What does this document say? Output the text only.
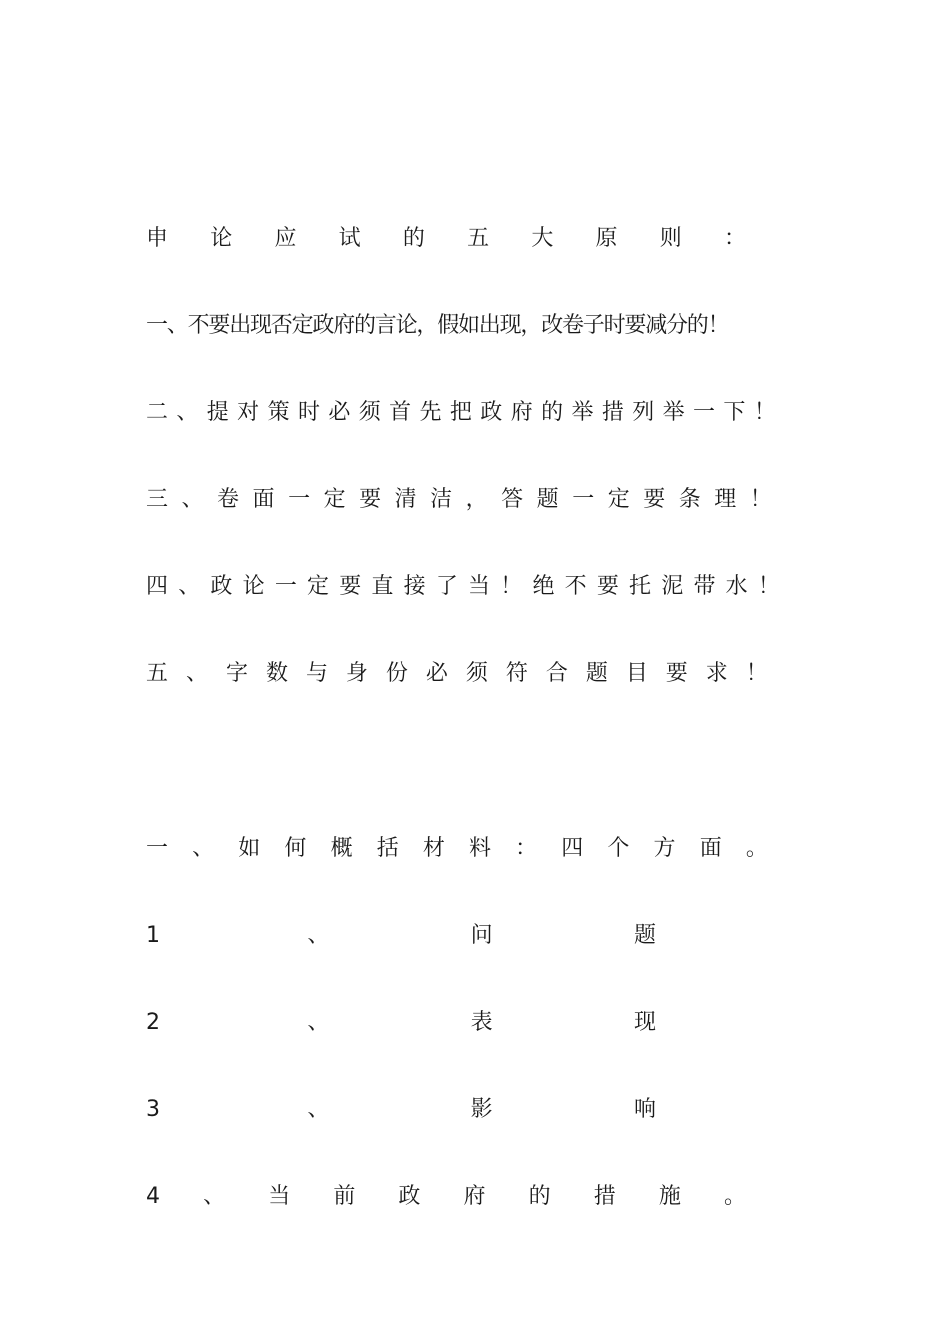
申 论 应 试 的 五 大 原 则 ：
一、不要出现否定政府的言论，假如出现，改卷子时要减分的！
二 、 提 对 策 时 必 须 首 先 把 政 府 的 举 措 列 举 一 下 ！
三 、 卷 面 一 定 要 清 洁 ， 答 题 一 定 要 条 理 ！
四 、 政 论 一 定 要 直 接 了 当 ！ 绝 不 要 托 泥 带 水 ！
五 、 字 数 与 身 份 必 须 符 合 题 目 要 求 ！
一 、 如 何 概 括 材 料 ： 四 个 方 面 。
1	、	问	题
2	、	表	现
3	、	影	响
4 、 当 前 政 府 的 措 施 。
